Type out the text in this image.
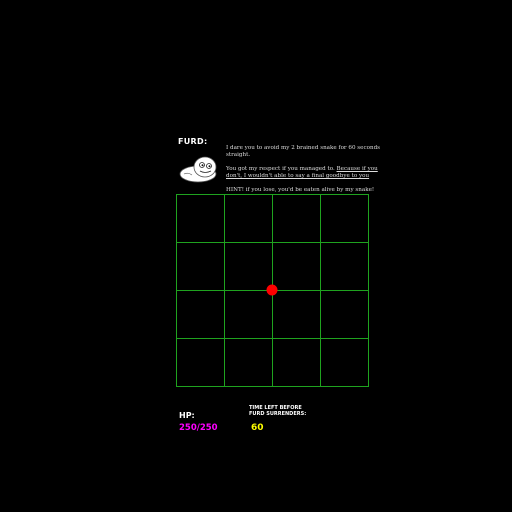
FURD:

I dare you to avoid my 2 brained snake for 60 seconds straight.

You got my respect if you managed to. Because if you don't, I wouldn't able to say a final goodbye to you

HINT! if you lose, you'd be eaten alive by my snake!

HP:
250/250
TIME LEFT BEFORE FURD SURRENDERS:
60
